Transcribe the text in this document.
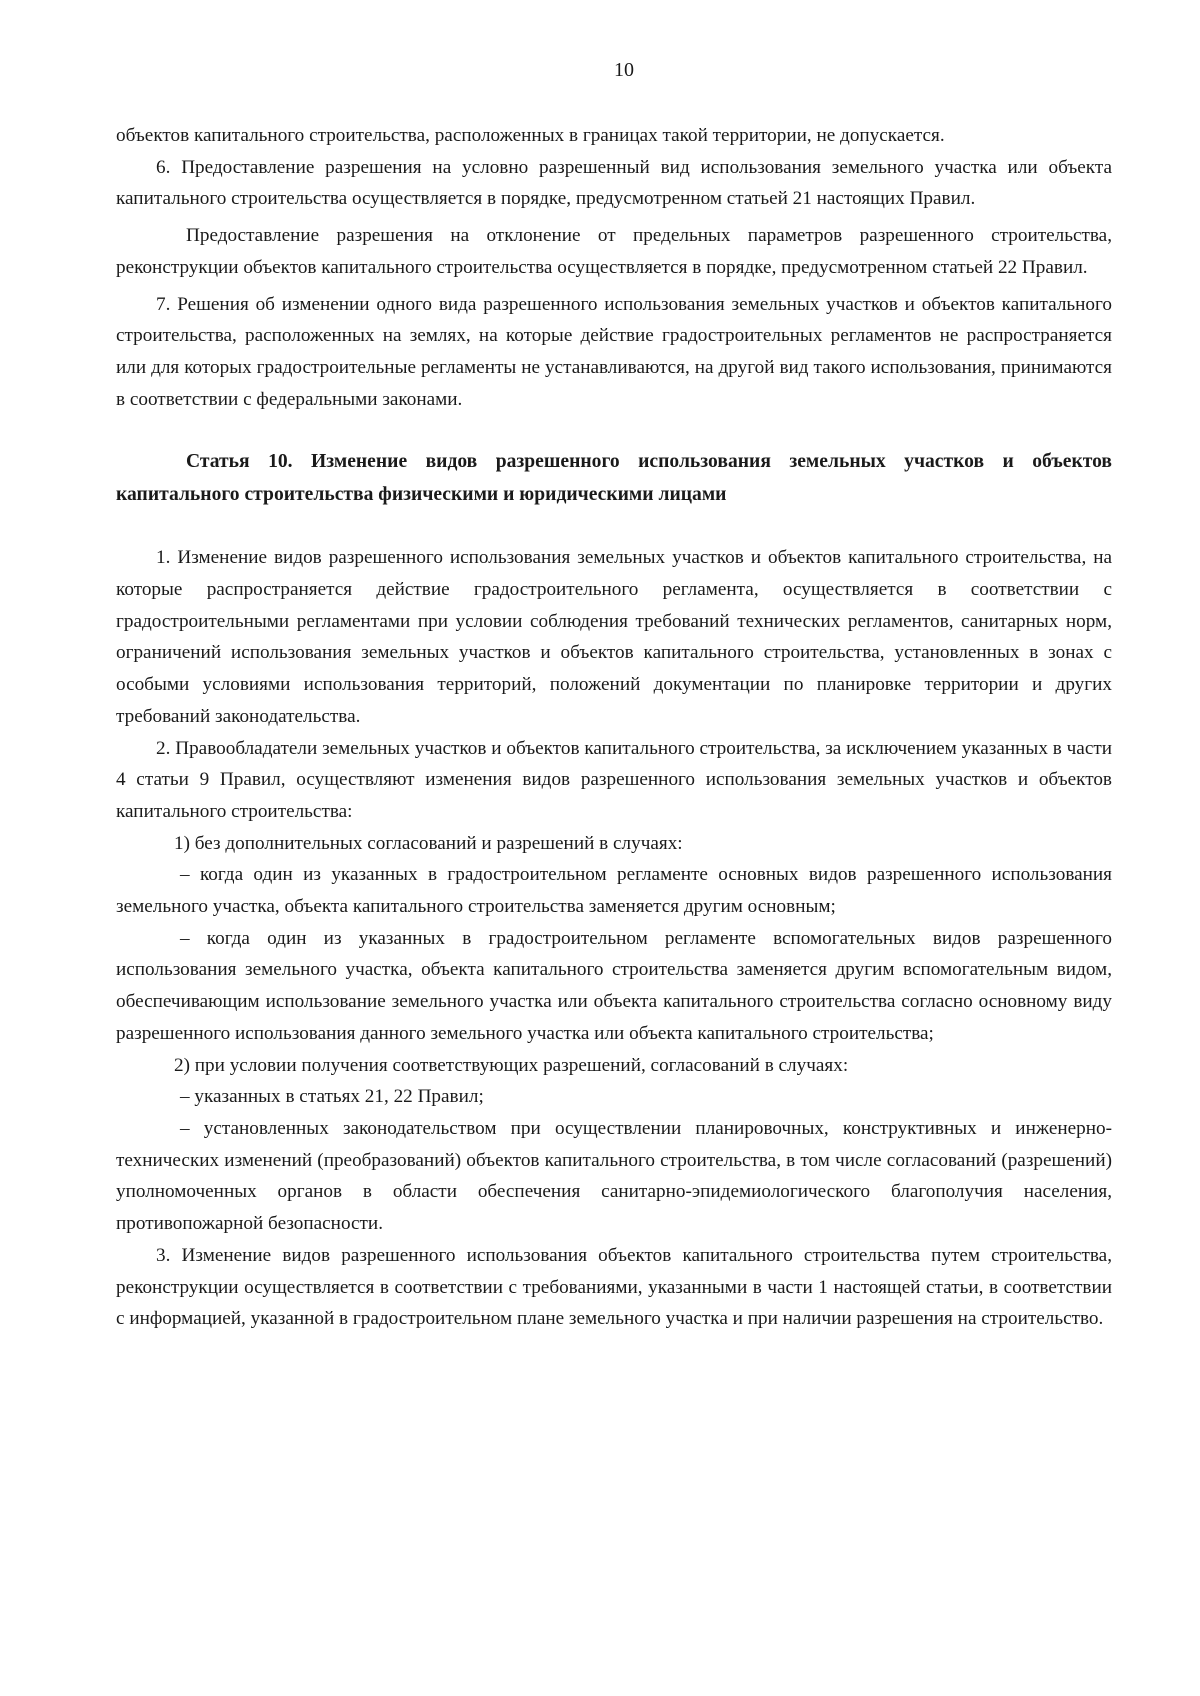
10

объектов капитального строительства, расположенных в границах такой территории, не допускается.

6. Предоставление разрешения на условно разрешенный вид использования земельного участка или объекта капитального строительства осуществляется в порядке, предусмотренном статьей 21 настоящих Правил.

Предоставление разрешения на отклонение от предельных параметров разрешенного строительства, реконструкции объектов капитального строительства осуществляется в порядке, предусмотренном статьей 22 Правил.

7. Решения об изменении одного вида разрешенного использования земельных участков и объектов капитального строительства, расположенных на землях, на которые действие градостроительных регламентов не распространяется или для которых градостроительные регламенты не устанавливаются, на другой вид такого использования, принимаются в соответствии с федеральными законами.

Статья 10. Изменение видов разрешенного использования земельных участков и объектов капитального строительства физическими и юридическими лицами

1. Изменение видов разрешенного использования земельных участков и объектов капитального строительства, на которые распространяется действие градостроительного регламента, осуществляется в соответствии с градостроительными регламентами при условии соблюдения требований технических регламентов, санитарных норм, ограничений использования земельных участков и объектов капитального строительства, установленных в зонах с особыми условиями использования территорий, положений документации по планировке территории и других требований законодательства.

2. Правообладатели земельных участков и объектов капитального строительства, за исключением указанных в части 4 статьи 9 Правил, осуществляют изменения видов разрешенного использования земельных участков и объектов капитального строительства:

1) без дополнительных согласований и разрешений в случаях:

– когда один из указанных в градостроительном регламенте основных видов разрешенного использования земельного участка, объекта капитального строительства заменяется другим основным;

– когда один из указанных в градостроительном регламенте вспомогательных видов разрешенного использования земельного участка, объекта капитального строительства заменяется другим вспомогательным видом, обеспечивающим использование земельного участка или объекта капитального строительства согласно основному виду разрешенного использования данного земельного участка или объекта капитального строительства;

2) при условии получения соответствующих разрешений, согласований в случаях:

– указанных в статьях 21, 22 Правил;

– установленных законодательством при осуществлении планировочных, конструктивных и инженерно-технических изменений (преобразований) объектов капитального строительства, в том числе согласований (разрешений) уполномоченных органов в области обеспечения санитарно-эпидемиологического благополучия населения, противопожарной безопасности.

3. Изменение видов разрешенного использования объектов капитального строительства путем строительства, реконструкции осуществляется в соответствии с требованиями, указанными в части 1 настоящей статьи, в соответствии с информацией, указанной в градостроительном плане земельного участка и при наличии разрешения на строительство.
